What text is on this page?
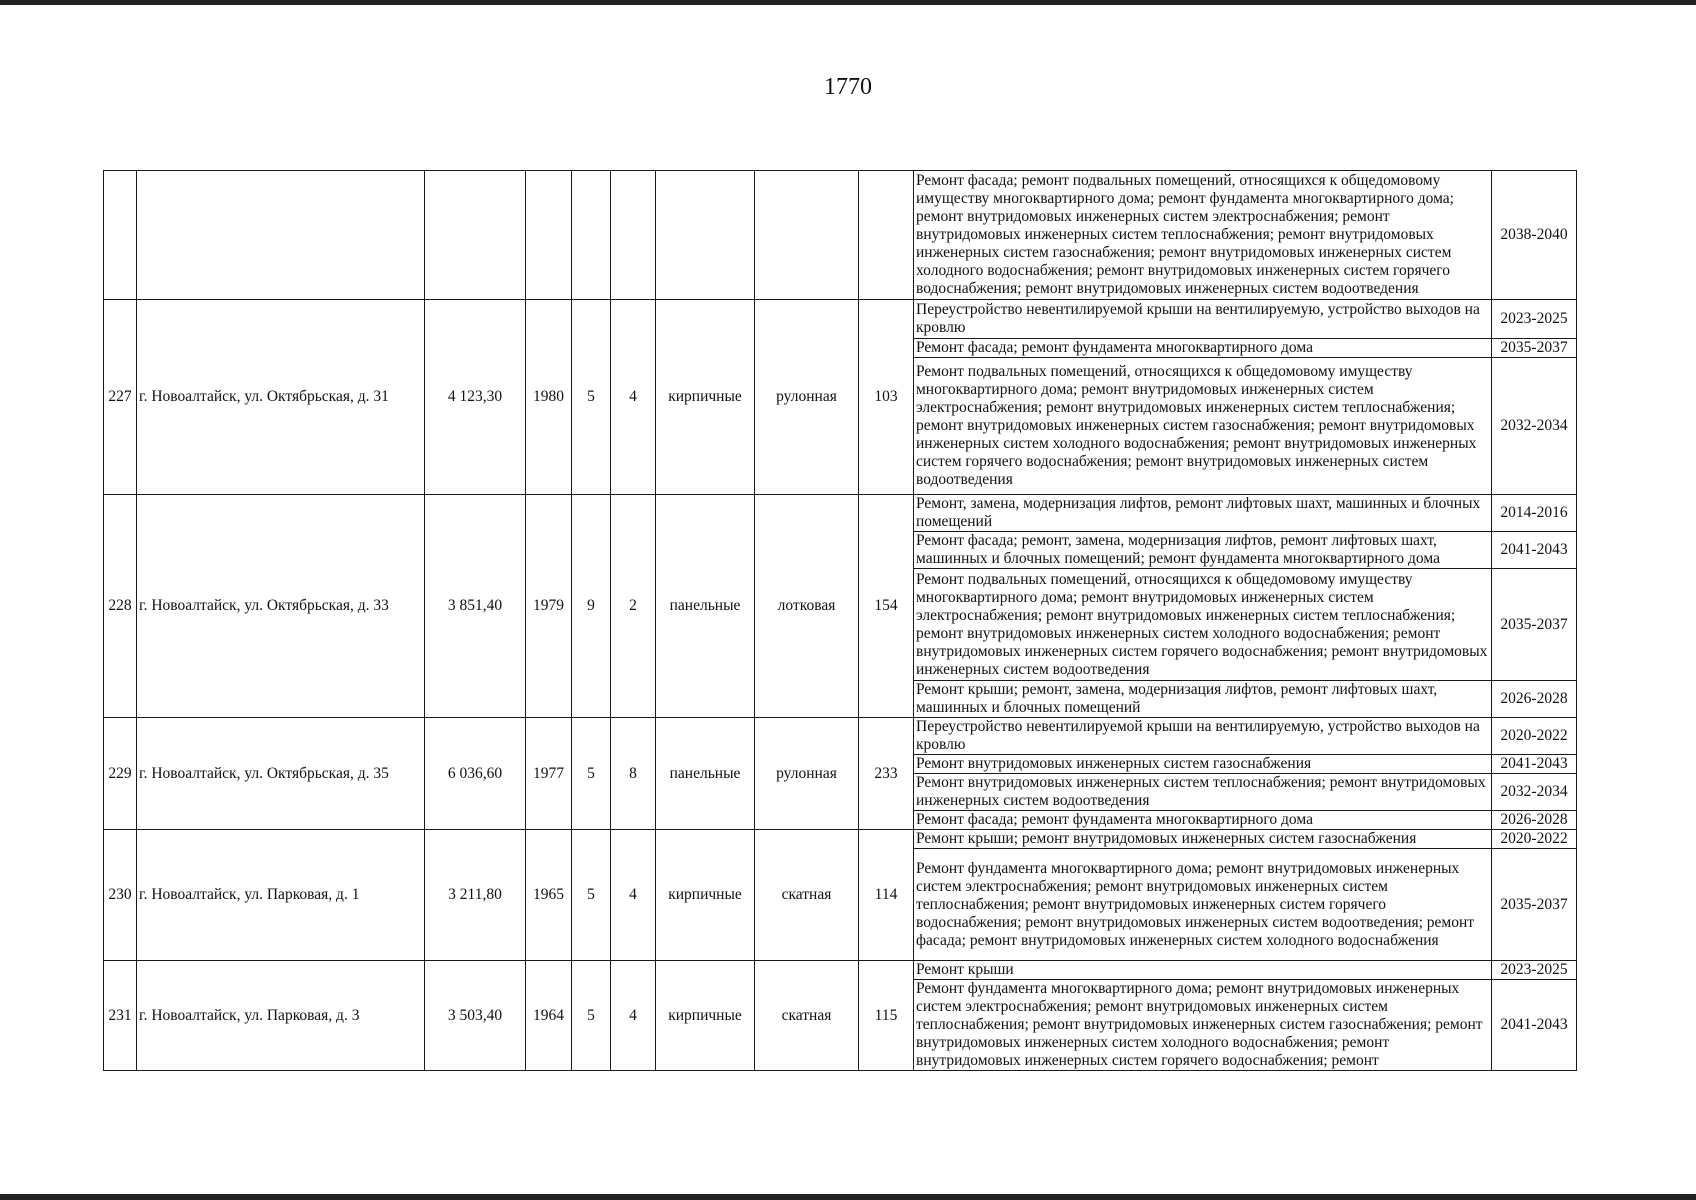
1770
									Ремонт фасада; ремонт подвальных помещений, относящихся к общедомовому имуществу многоквартирного дома; ремонт фундамента многоквартирного дома; ремонт внутридомовых инженерных систем электроснабжения; ремонт внутридомовых инженерных систем теплоснабжения; ремонт внутридомовых инженерных систем газоснабжения; ремонт внутридомовых инженерных систем холодного водоснабжения; ремонт внутридомовых инженерных систем горячего водоснабжения; ремонт внутридомовых инженерных систем водоотведения	2038-2040
227	г. Новоалтайск, ул. Октябрьская, д. 31	4 123,30	1980	5	4	кирпичные	рулонная	103	Переустройство невентилируемой крыши на вентилируемую, устройство выходов на кровлю	2023-2025
									Ремонт фасада; ремонт фундамента многоквартирного дома	2035-2037
									Ремонт подвальных помещений, относящихся к общедомовому имуществу многоквартирного дома; ремонт внутридомовых инженерных систем электроснабжения; ремонт внутридомовых инженерных систем теплоснабжения; ремонт внутридомовых инженерных систем газоснабжения; ремонт внутридомовых инженерных систем холодного водоснабжения; ремонт внутридомовых инженерных систем горячего водоснабжения; ремонт внутридомовых инженерных систем водоотведения	2032-2034
228	г. Новоалтайск, ул. Октябрьская, д. 33	3 851,40	1979	9	2	панельные	лотковая	154	Ремонт, замена, модернизация лифтов, ремонт лифтовых шахт, машинных и блочных помещений	2014-2016
									Ремонт фасада; ремонт, замена, модернизация лифтов, ремонт лифтовых шахт, машинных и блочных помещений; ремонт фундамента многоквартирного дома	2041-2043
									Ремонт подвальных помещений, относящихся к общедомовому имуществу многоквартирного дома; ремонт внутридомовых инженерных систем электроснабжения; ремонт внутридомовых инженерных систем теплоснабжения; ремонт внутридомовых инженерных систем холодного водоснабжения; ремонт внутридомовых инженерных систем горячего водоснабжения; ремонт внутридомовых инженерных систем водоотведения	2035-2037
									Ремонт крыши; ремонт, замена, модернизация лифтов, ремонт лифтовых шахт, машинных и блочных помещений	2026-2028
229	г. Новоалтайск, ул. Октябрьская, д. 35	6 036,60	1977	5	8	панельные	рулонная	233	Переустройство невентилируемой крыши на вентилируемую, устройство выходов на кровлю	2020-2022
									Ремонт внутридомовых инженерных систем газоснабжения	2041-2043
									Ремонт внутридомовых инженерных систем теплоснабжения; ремонт внутридомовых инженерных систем водоотведения	2032-2034
									Ремонт фасада; ремонт фундамента многоквартирного дома	2026-2028
230	г. Новоалтайск, ул. Парковая, д. 1	3 211,80	1965	5	4	кирпичные	скатная	114	Ремонт крыши; ремонт внутридомовых инженерных систем газоснабжения	2020-2022
									Ремонт фундамента многоквартирного дома; ремонт внутридомовых инженерных систем электроснабжения; ремонт внутридомовых инженерных систем теплоснабжения; ремонт внутридомовых инженерных систем горячего водоснабжения; ремонт внутридомовых инженерных систем водоотведения; ремонт фасада; ремонт внутридомовых инженерных систем холодного водоснабжения	2035-2037
231	г. Новоалтайск, ул. Парковая, д. 3	3 503,40	1964	5	4	кирпичные	скатная	115	Ремонт крыши	2023-2025
									Ремонт фундамента многоквартирного дома; ремонт внутридомовых инженерных систем электроснабжения; ремонт внутридомовых инженерных систем теплоснабжения; ремонт внутридомовых инженерных систем газоснабжения; ремонт внутридомовых инженерных систем холодного водоснабжения; ремонт внутридомовых инженерных систем горячего водоснабжения; ремонт	2041-2043
